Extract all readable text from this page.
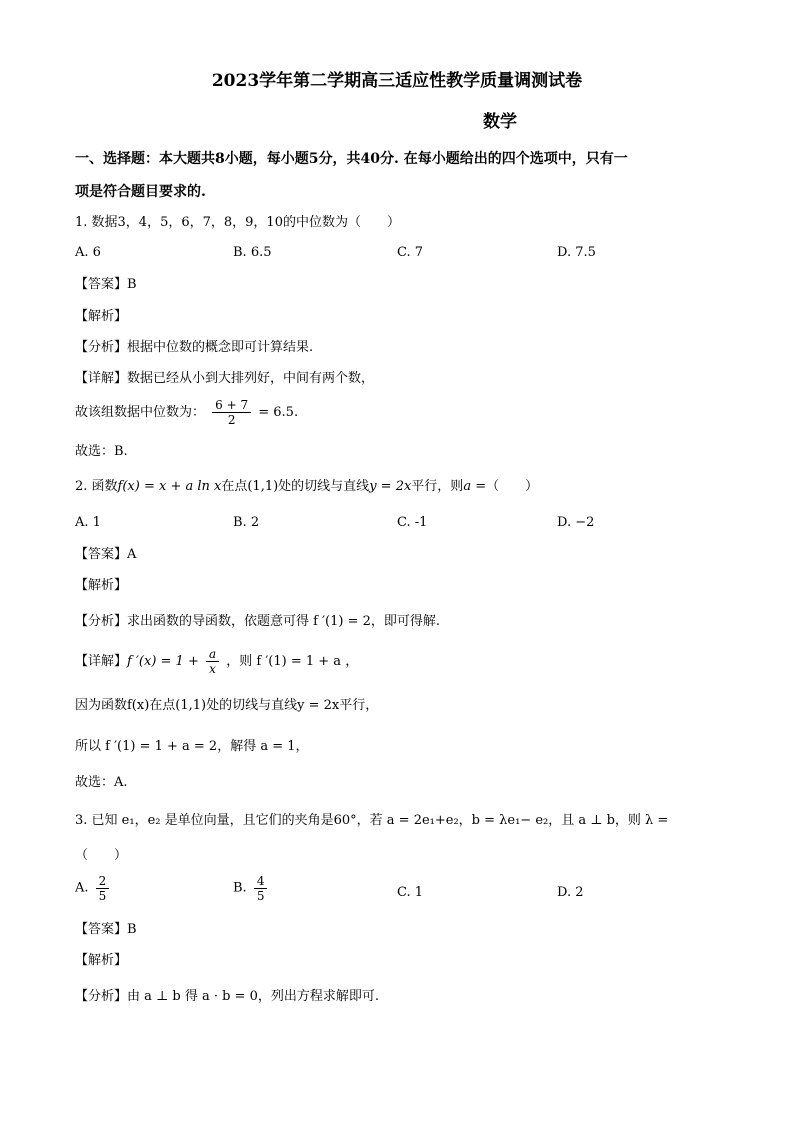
2023学年第二学期高三适应性教学质量调测试卷
数学
一、选择题：本大题共8小题，每小题5分，共40分. 在每小题给出的四个选项中，只有一
项是符合题目要求的.
1. 数据3，4，5，6，7，8，9，10的中位数为（　　）
A. 6	B. 6.5	C. 7	D. 7.5
【答案】B
【解析】
【分析】根据中位数的概念即可计算结果.
【详解】数据已经从小到大排列好，中间有两个数，
故该组数据中位数为： $\frac{6 + 7}{2} = 6.5$.
故选：B.
2. 函数f(x) = x + a ln x在点(1,1)处的切线与直线y = 2x平行，则a =（　　）
A. 1	B. 2	C. -1	D. −2
【答案】A
【解析】
【分析】求出函数的导函数，依题意可得 f ′(1) = 2，即可得解.
【详解】f $'(x) = 1 + \frac{a}{x}$ ，则 f ′(1) = 1 + a ，
因为函数f(x)在点(1,1)处的切线与直线y = 2x平行，
所以 f ′(1) = 1 + a = 2，解得 a = 1，
故选：A.
3. 已知 e₁，e₂ 是单位向量，且它们的夹角是60°，若 a = 2e₁+e₂，b = λe₁− e₂，且 a ⊥ b，则 λ =
（　　）
A. $\frac{2}{5}$	B. $\frac{4}{5}$	C. 1	D. 2
【答案】B
【解析】
【分析】由 a ⊥ b 得 a · b = 0，列出方程求解即可.
